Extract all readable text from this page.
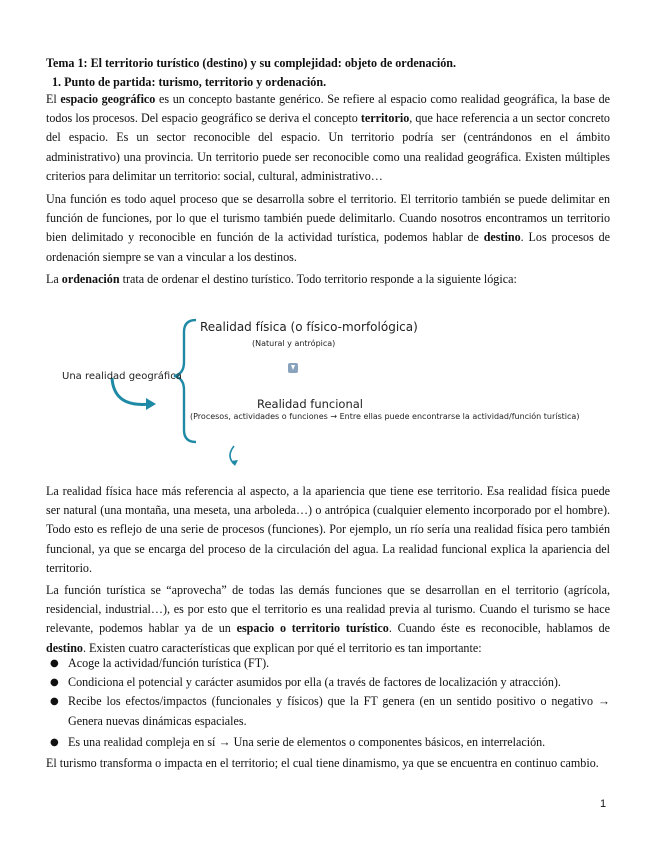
Tema 1: El territorio turístico (destino) y su complejidad: objeto de ordenación.

1. Punto de partida: turismo, territorio y ordenación.

El espacio geográfico es un concepto bastante genérico. Se refiere al espacio como realidad geográfica, la base de todos los procesos. Del espacio geográfico se deriva el concepto territorio, que hace referencia a un sector concreto del espacio. Es un sector reconocible del espacio. Un territorio podría ser (centrándonos en el ámbito administrativo) una provincia. Un territorio puede ser reconocible como una realidad geográfica. Existen múltiples criterios para delimitar un territorio: social, cultural, administrativo…

Una función es todo aquel proceso que se desarrolla sobre el territorio. El territorio también se puede delimitar en función de funciones, por lo que el turismo también puede delimitarlo. Cuando nosotros encontramos un territorio bien delimitado y reconocible en función de la actividad turística, podemos hablar de destino. Los procesos de ordenación siempre se van a vincular a los destinos.

La ordenación trata de ordenar el destino turístico. Todo territorio responde a la siguiente lógica:

Una realidad geográfica
Realidad física (o físico-morfológica)
(Natural y antrópica)
Realidad funcional
(Procesos, actividades o funciones → Entre ellas puede encontrarse la actividad/función turística)

La realidad física hace más referencia al aspecto, a la apariencia que tiene ese territorio. Esa realidad física puede ser natural (una montaña, una meseta, una arboleda…) o antrópica (cualquier elemento incorporado por el hombre). Todo esto es reflejo de una serie de procesos (funciones). Por ejemplo, un río sería una realidad física pero también funcional, ya que se encarga del proceso de la circulación del agua. La realidad funcional explica la apariencia del territorio.

La función turística se “aprovecha” de todas las demás funciones que se desarrollan en el territorio (agrícola, residencial, industrial…), es por esto que el territorio es una realidad previa al turismo. Cuando el turismo se hace relevante, podemos hablar ya de un espacio o territorio turístico. Cuando éste es reconocible, hablamos de destino. Existen cuatro características que explican por qué el territorio es tan importante:

● Acoge la actividad/función turística (FT).
● Condiciona el potencial y carácter asumidos por ella (a través de factores de localización y atracción).
● Recibe los efectos/impactos (funcionales y físicos) que la FT genera (en un sentido positivo o negativo → Genera nuevas dinámicas espaciales.
● Es una realidad compleja en sí → Una serie de elementos o componentes básicos, en interrelación.

El turismo transforma o impacta en el territorio; el cual tiene dinamismo, ya que se encuentra en continuo cambio.

1
